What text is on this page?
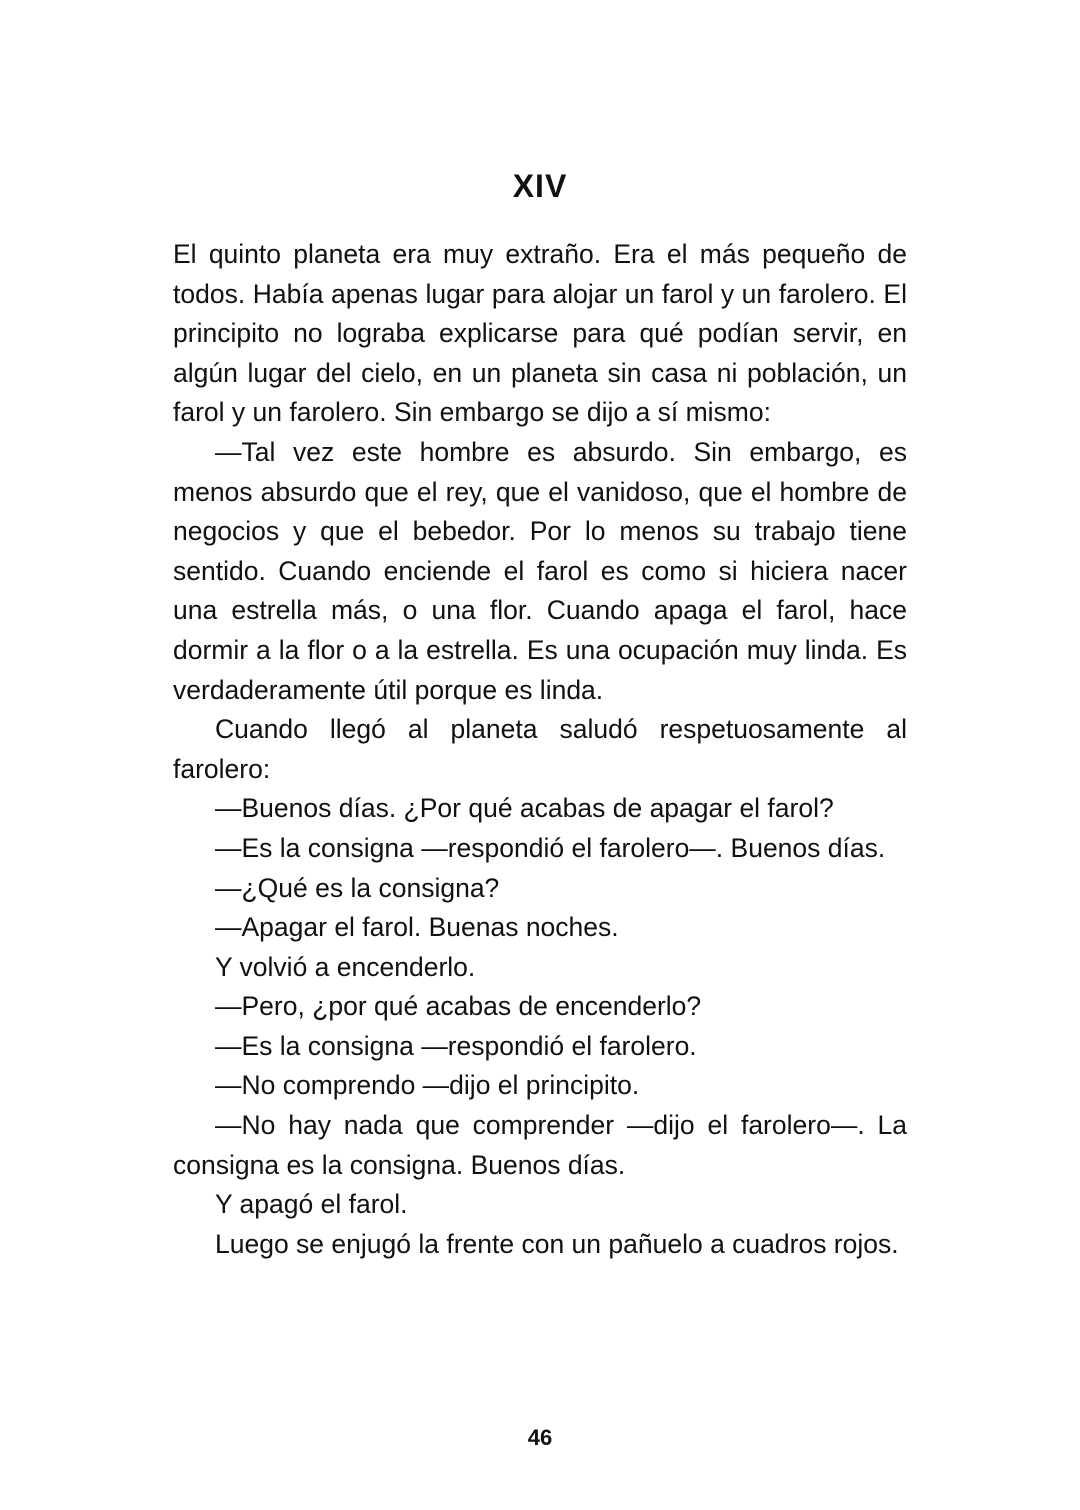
XIV

El quinto planeta era muy extraño. Era el más pequeño de todos. Había apenas lugar para alojar un farol y un farolero. El principito no lograba explicarse para qué podían servir, en algún lugar del cielo, en un planeta sin casa ni población, un farol y un farolero. Sin embargo se dijo a sí mismo:

—Tal vez este hombre es absurdo. Sin embargo, es menos absurdo que el rey, que el vanidoso, que el hombre de negocios y que el bebedor. Por lo menos su trabajo tiene sentido. Cuando enciende el farol es como si hiciera nacer una estrella más, o una flor. Cuando apaga el farol, hace dormir a la flor o a la estrella. Es una ocupación muy linda. Es verdaderamente útil porque es linda.

Cuando llegó al planeta saludó respetuosamente al farolero:

—Buenos días. ¿Por qué acabas de apagar el farol?

—Es la consigna —respondió el farolero—. Buenos días.

—¿Qué es la consigna?

—Apagar el farol. Buenas noches.

Y volvió a encenderlo.

—Pero, ¿por qué acabas de encenderlo?

—Es la consigna —respondió el farolero.

—No comprendo —dijo el principito.

—No hay nada que comprender —dijo el farolero—. La consigna es la consigna. Buenos días.

Y apagó el farol.

Luego se enjugó la frente con un pañuelo a cuadros rojos.

46
